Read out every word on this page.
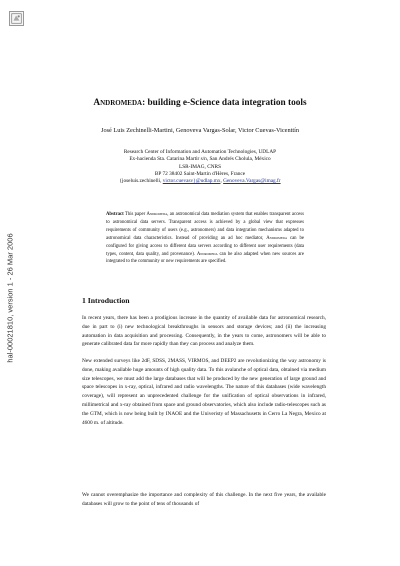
hal-00021810, version 1 - 26 Mar 2006
Andromeda: building e-Science data integration tools

José Luis Zechinelli-Martini, Genoveva Vargas-Solar, Victor Cuevas-Vicenttín

Research Center of Information and Automation Technologies, UDLAP
Ex-hacienda Sta. Catarina Martir s/n, San Andrés Cholula, México
LSR-IMAG, CNRS
BP 72 38402 Saint-Martin d'Hères, France
{joseluis.zechinelli, victor.cuevasv}@udlap.mx, Genoveva.Vargas@imag.fr

Abstract This paper Andromeda, an astronomical data mediation system that enables transparent access to astronomical data servers. Transparent access is achieved by a global view that expresses requirements of community of users (e.g., astronomers) and data integration mechanisms adapted to astronomical data characteristics. Instead of providing an ad hoc mediator, Andromeda can be configured for giving access to different data servers according to different user requirements (data types, content, data quality, and provenance). Andromeda can be also adapted when new sources are integrated to the community or new requirements are specified.

1 Introduction

In recent years, there has been a prodigious increase in the quantity of available data for astronomical research, due in part to (i) new technological breakthroughs in sensors and storage devices; and (ii) the increasing automation in data acquisition and processing. Consequently, in the years to come, astronomers will be able to generate calibrated data far more rapidly than they can process and analyze them.

New extended surveys like 2dF, SDSS, 2MASS, VIRMOS, and DEEP2 are revolutionizing the way astronomy is done, making available huge amounts of high quality data. To this avalanche of optical data, obtained via medium size telescopes, we must add the large databases that will be produced by the new generation of large ground and space telescopes in x-ray, optical, infrared and radio wavelengths. The nature of this databases (wide wavelength coverage), will represent an unprecedented challenge for the unification of optical observations in infrared, millimetrical and x-ray obtained from space and ground observatories, which also include radio-telescopes such as the GTM, which is now being built by INAOE and the Univeristy of Massachusetts in Cerro La Negra, Mexico at 4600 m. of altitude.

We cannot overemphasize the importance and complexity of this challenge. In the next five years, the available databases will grow to the point of tens of thousands of
